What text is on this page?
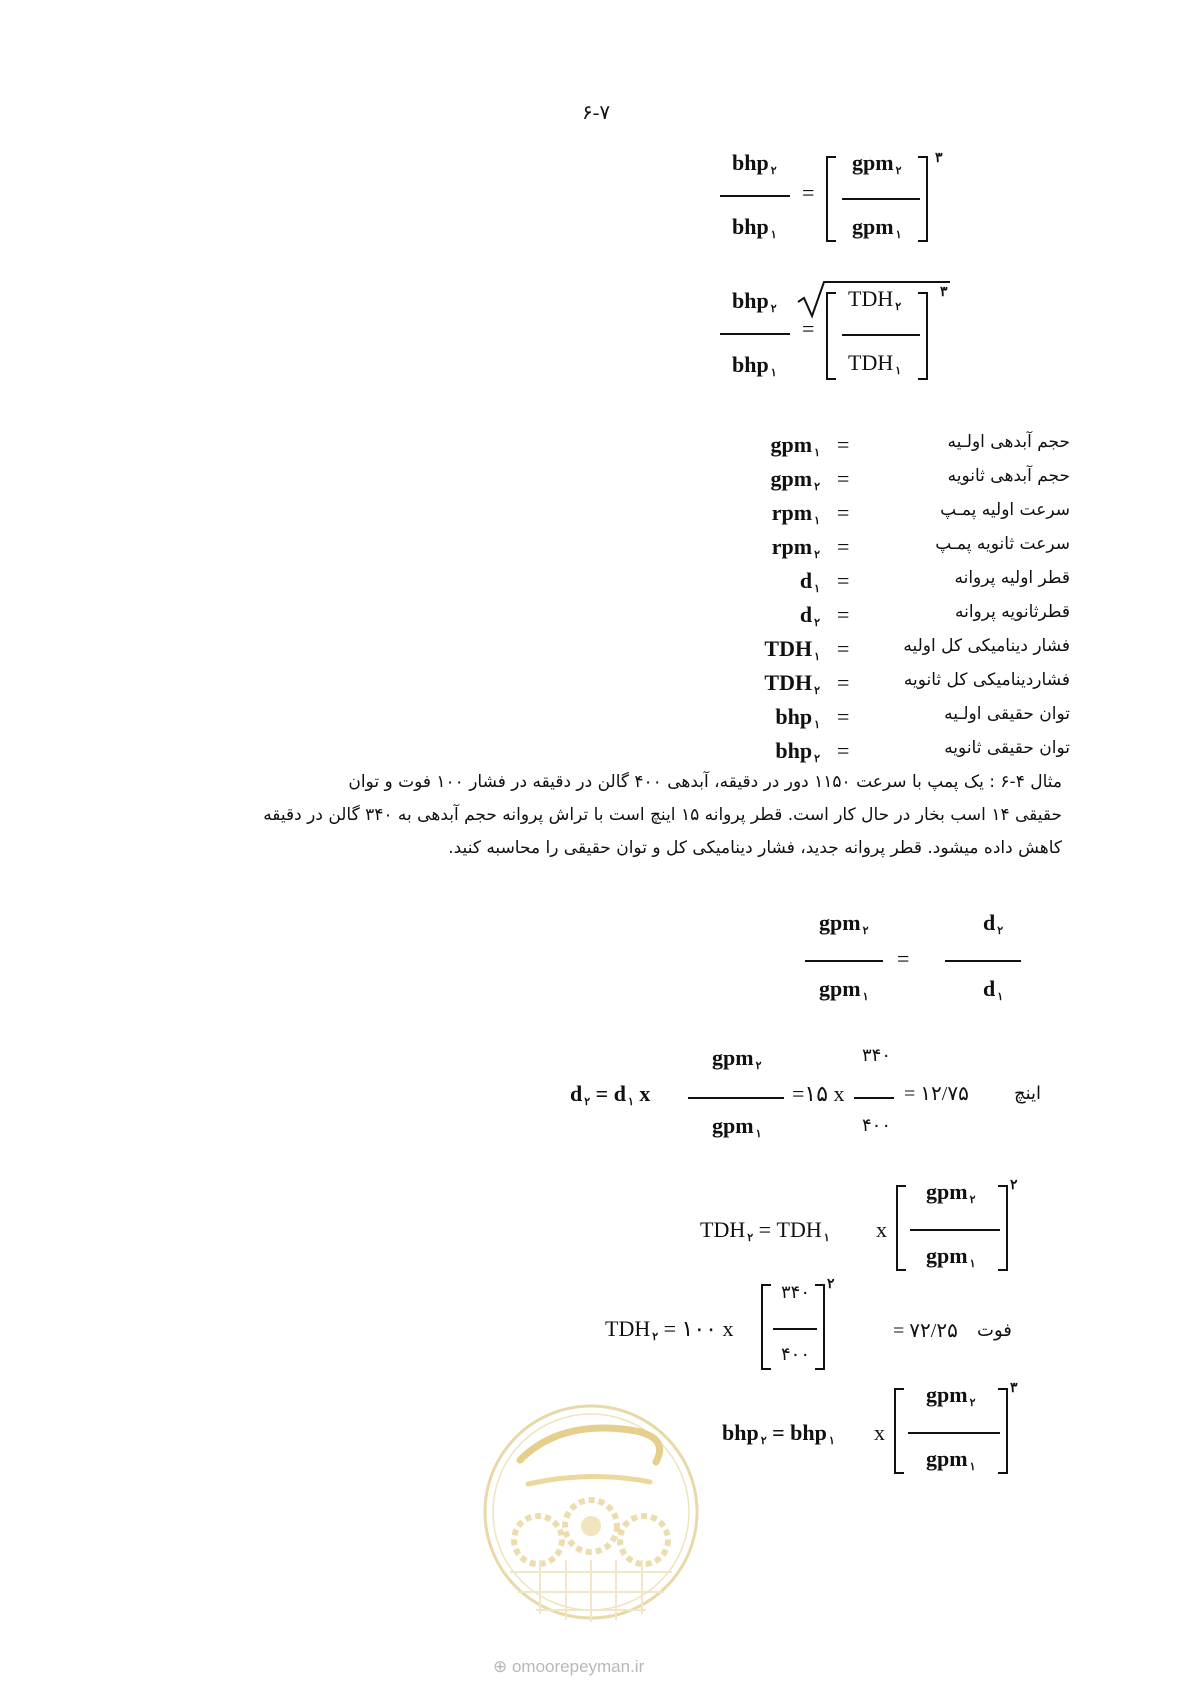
۶-۷
bhp ۲
bhp ۱
=
gpm ۲
gpm ۱
۳
bhp ۲
bhp ۱
=
TDH ۲
TDH ۱
۳
gpm ۱ =	حجم آبدهی اولـیه
gpm ۲ =	حجم آبدهی ثانویه
rpm ۱ =	سرعت اولیه پمـپ
rpm ۲ =	سرعت ثانویه پمـپ
d ۱ =	قطر اولیه پروانه
d ۲ =	قطرثانویه پروانه
TDH ۱ =	فشار دینامیکی کل اولیه
TDH ۲ =	فشاردینامیکی کل ثانویه
bhp ۱ =	توان حقیقی اولـیه
bhp ۲ =	توان حقیقی ثانویه

مثال ۴-۶ : یک پمپ با سرعت ۱۱۵۰ دور در دقیقه، آبدهی ۴۰۰ گالن در دقیقه در فشار ۱۰۰ فوت و توان

حقیقی ۱۴ اسب بخار در حال کار است. قطر پروانه ۱۵ اینچ است با تراش پروانه حجم آبدهی به ۳۴۰ گالن در دقیقه

کاهش داده میشود. قطر پروانه جدید، فشار دینامیکی کل و توان حقیقی را محاسبه کنید.

gpm ۲
gpm ۱
=
d ۲
d ۱
d ۲ = d ۱ x
gpm ۲
gpm ۱
=۱۵ x
۳۴۰
۴۰۰
= ۱۲/۷۵	اینچ
TDH ۲ = TDH ۱ x
gpm ۲
gpm ۱
۲
TDH ۲ = ۱۰۰ x
۳۴۰
۴۰۰
۲
= ۷۲/۲۵ فوت
bhp ۲ = bhp ۱ x
gpm ۲
gpm ۱
۳
⊕ omoorepeyman.ir
